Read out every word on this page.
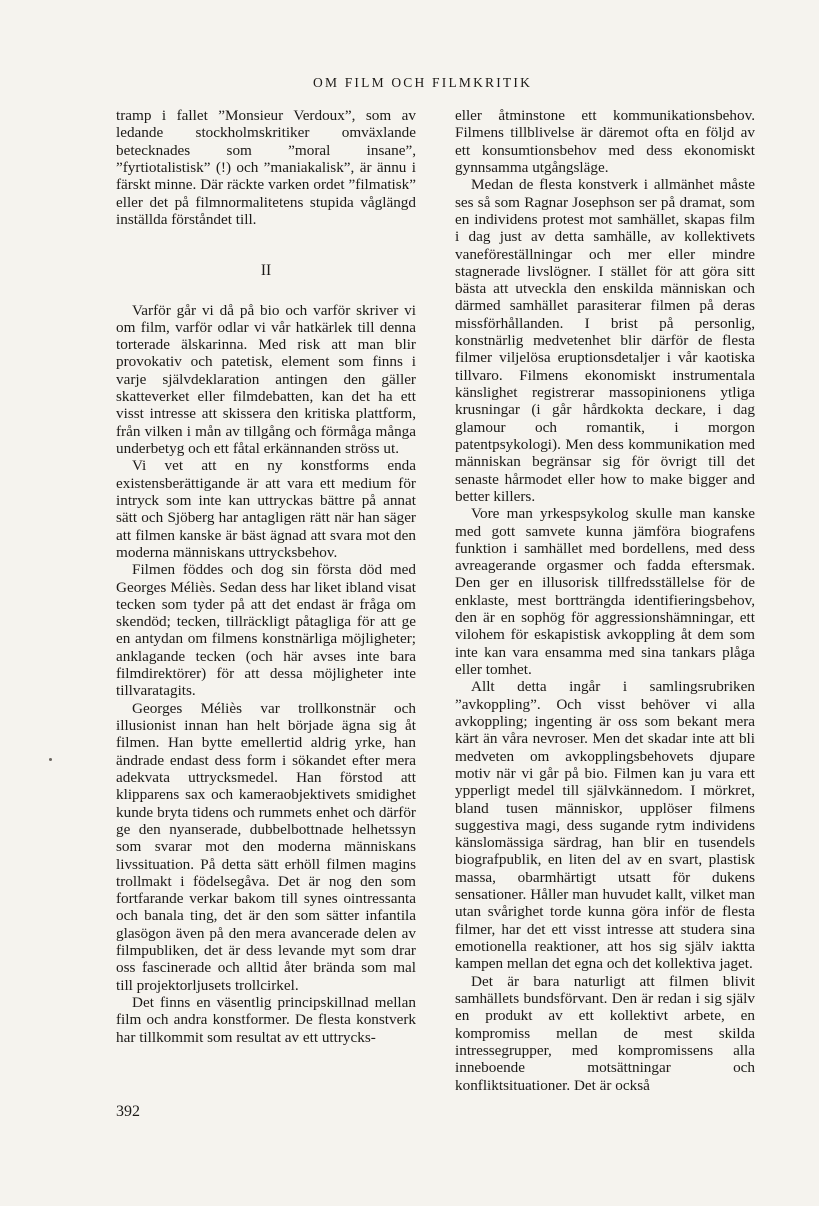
OM FILM OCH FILMKRITIK

tramp i fallet ”Monsieur Verdoux”, som av ledande stockholmskritiker omväxlande betecknades som ”moral insane”, ”fyrtiotalistisk” (!) och ”maniakalisk”, är ännu i färskt minne. Där räckte varken ordet ”filmatisk” eller det på filmnormalitetens stupida våglängd inställda förståndet till.

II

Varför går vi då på bio och varför skriver vi om film, varför odlar vi vår hatkärlek till denna torterade älskarinna. Med risk att man blir provokativ och patetisk, element som finns i varje självdeklaration antingen den gäller skatteverket eller filmdebatten, kan det ha ett visst intresse att skissera den kritiska plattform, från vilken i mån av tillgång och förmåga många underbetyg och ett fåtal erkännanden ströss ut.

Vi vet att en ny konstforms enda existensberättigande är att vara ett medium för intryck som inte kan uttryckas bättre på annat sätt och Sjöberg har antagligen rätt när han säger att filmen kanske är bäst ägnad att svara mot den moderna människans uttrycksbehov.

Filmen föddes och dog sin första död med Georges Méliès. Sedan dess har liket ibland visat tecken som tyder på att det endast är fråga om skendöd; tecken, tillräckligt påtagliga för att ge en antydan om filmens konstnärliga möjligheter; anklagande tecken (och här avses inte bara filmdirektörer) för att dessa möjligheter inte tillvaratagits.

Georges Méliès var trollkonstnär och illusionist innan han helt började ägna sig åt filmen. Han bytte emellertid aldrig yrke, han ändrade endast dess form i sökandet efter mera adekvata uttrycksmedel. Han förstod att klipparens sax och kameraobjektivets smidighet kunde bryta tidens och rummets enhet och därför ge den nyanserade, dubbelbottnade helhetssyn som svarar mot den moderna människans livssituation. På detta sätt erhöll filmen magins trollmakt i födelsegåva. Det är nog den som fortfarande verkar bakom till synes ointressanta och banala ting, det är den som sätter infantila glasögon även på den mera avancerade delen av filmpubliken, det är dess levande myt som drar oss fascinerade och alltid åter brända som mal till projektorljusets trollcirkel.

Det finns en väsentlig principskillnad mellan film och andra konstformer. De flesta konstverk har tillkommit som resultat av ett uttrycks-

eller åtminstone ett kommunikationsbehov. Filmens tillblivelse är däremot ofta en följd av ett konsumtionsbehov med dess ekonomiskt gynnsamma utgångsläge.

Medan de flesta konstverk i allmänhet måste ses så som Ragnar Josephson ser på dramat, som en individens protest mot samhället, skapas film i dag just av detta samhälle, av kollektivets vaneföreställningar och mer eller mindre stagnerade livslögner. I stället för att göra sitt bästa att utveckla den enskilda människan och därmed samhället parasiterar filmen på deras missförhållanden. I brist på personlig, konstnärlig medvetenhet blir därför de flesta filmer viljelösa eruptionsdetaljer i vår kaotiska tillvaro. Filmens ekonomiskt instrumentala känslighet registrerar massopinionens ytliga krusningar (i går hårdkokta deckare, i dag glamour och romantik, i morgon patentpsykologi). Men dess kommunikation med människan begränsar sig för övrigt till det senaste hårmodet eller how to make bigger and better killers.

Vore man yrkespsykolog skulle man kanske med gott samvete kunna jämföra biografens funktion i samhället med bordellens, med dess avreagerande orgasmer och fadda eftersmak. Den ger en illusorisk tillfredsställelse för de enklaste, mest bortträngda identifieringsbehov, den är en sophög för aggressionshämningar, ett vilohem för eskapistisk avkoppling åt dem som inte kan vara ensamma med sina tankars plåga eller tomhet.

Allt detta ingår i samlingsrubriken ”avkoppling”. Och visst behöver vi alla avkoppling; ingenting är oss som bekant mera kärt än våra nevroser. Men det skadar inte att bli medveten om avkopplingsbehovets djupare motiv när vi går på bio. Filmen kan ju vara ett ypperligt medel till självkännedom. I mörkret, bland tusen människor, upplöser filmens suggestiva magi, dess sugande rytm individens känslomässiga särdrag, han blir en tusendels biografpublik, en liten del av en svart, plastisk massa, obarmhärtigt utsatt för dukens sensationer. Håller man huvudet kallt, vilket man utan svårighet torde kunna göra inför de flesta filmer, har det ett visst intresse att studera sina emotionella reaktioner, att hos sig själv iaktta kampen mellan det egna och det kollektiva jaget.

Det är bara naturligt att filmen blivit samhällets bundsförvant. Den är redan i sig själv en produkt av ett kollektivt arbete, en kompromiss mellan de mest skilda intressegrupper, med kompromissens alla inneboende motsättningar och konfliktsituationer. Det är också

392
